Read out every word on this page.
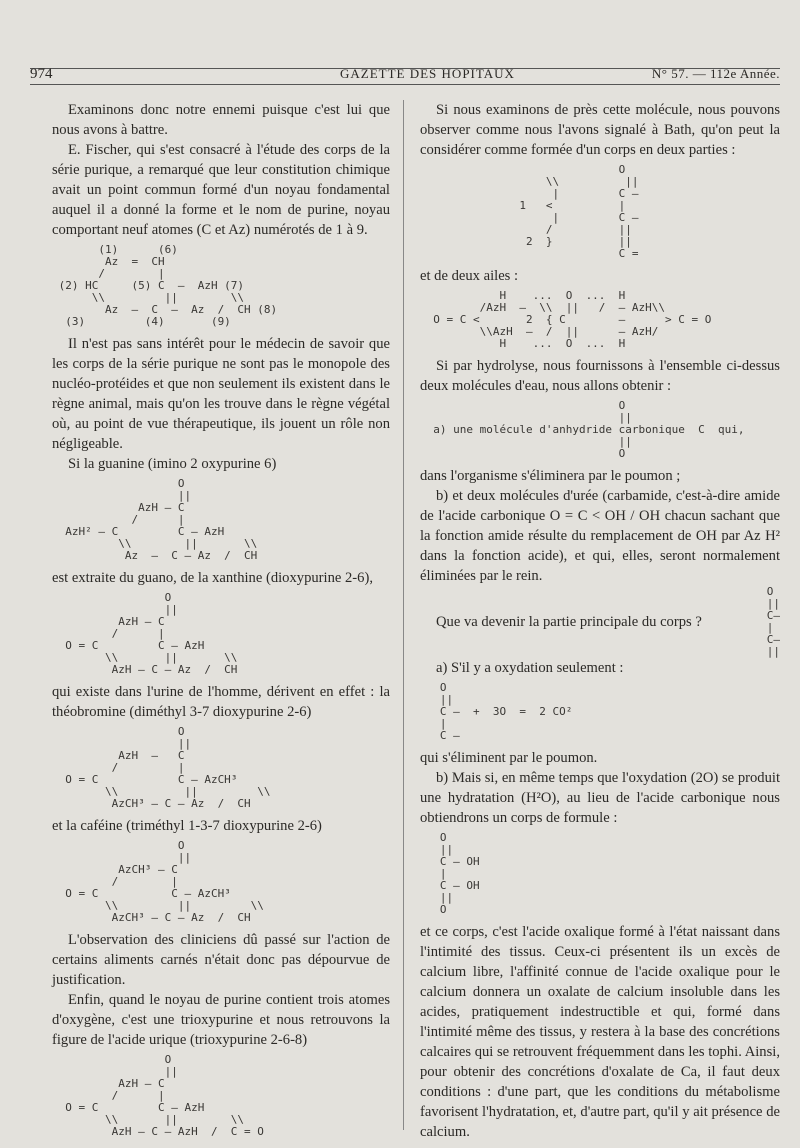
974	GAZETTE DES HOPITAUX	N° 57. — 112e Année.

Examinons donc notre ennemi puisque c'est lui que nous avons à battre.

E. Fischer, qui s'est consacré à l'étude des corps de la série purique, a remarqué que leur constitution chimique avait un point commun formé d'un noyau fondamental auquel il a donné la forme et le nom de purine, noyau comportant neuf atomes (C et Az) numérotés de 1 à 9.

(1)      (6)
Az  =  CH
/        |
(2) HC     (5) C  —  AzH (7)
\\         ||        \\
Az  —  C  —  Az  /  CH (8)
(3)         (4)       (9)

Il n'est pas sans intérêt pour le médecin de savoir que les corps de la série purique ne sont pas le monopole des nucléo-protéides et que non seulement ils existent dans le règne animal, mais qu'on les trouve dans le règne végétal où, au point de vue thérapeutique, ils jouent un rôle non négligeable.

Si la guanine (imino 2 oxypurine 6)

O
||
AzH — C
/      |
AzH² — C         C — AzH
\\        ||       \\
Az  —  C — Az  /  CH

est extraite du guano, de la xanthine (dioxypurine 2-6),

O
||
AzH — C
/      |
O = C         C — AzH
\\       ||       \\
AzH — C — Az  /  CH

qui existe dans l'urine de l'homme, dérivent en effet : la théobromine (diméthyl 3-7 dioxypurine 2-6)

O
||
AzH  —   C
/         |
O = C            C — AzCH³
\\          ||         \\
AzCH³ — C — Az  /  CH

et la caféine (triméthyl 1-3-7 dioxypurine 2-6)

O
||
AzCH³ — C
/        |
O = C           C — AzCH³
\\         ||         \\
AzCH³ — C — Az  /  CH

L'observation des cliniciens dû passé sur l'action de certains aliments carnés n'était donc pas dépourvue de justification.

Enfin, quand le noyau de purine contient trois atomes d'oxygène, c'est une trioxypurine et nous retrouvons la figure de l'acide urique (trioxypurine 2-6-8)

O
||
AzH — C
/      |
O = C         C — AzH
\\       ||        \\
AzH — C — AzH  /  C = O

Si nous examinons de près cette molécule, nous pouvons observer comme nous l'avons signalé à Bath, qu'on peut la considérer comme formée d'un corps en deux parties :

O
\\          ||
|         C —
1   <          |
|         C —
/          ||
2  }          ||
C =

et de deux ailes :

H    ...  O  ...  H
/AzH  —  \\  ||   /  — AzH\\
O = C <       2  { C        —      > C = O
\\AzH  —  /  ||      — AzH/
H    ...  O  ...  H

Si par hydrolyse, nous fournissons à l'ensemble ci-dessus deux molécules d'eau, nous allons obtenir :

O
||
a) une molécule d'anhydride carbonique  C  qui,
||
O

dans l'organisme s'éliminera par le poumon ;

b) et deux molécules d'urée (carbamide, c'est-à-dire amide de l'acide carbonique O = C < OH / OH chacun sachant que la fonction amide résulte du remplacement de OH par Az H² dans la fonction acide), et qui, elles, seront normalement éliminées par le rein.

Que va devenir la partie principale du corps ?

O
||
C—
|
C—
||

a) S'il y a oxydation seulement :

O
||
C —  +  3O  =  2 CO²
|
C —

qui s'éliminent par le poumon.

b) Mais si, en même temps que l'oxydation (2O) se produit une hydratation (H²O), au lieu de l'acide carbonique nous obtiendrons un corps de formule :

O
||
C — OH
|
C — OH
||
O

et ce corps, c'est l'acide oxalique formé à l'état naissant dans l'intimité des tissus. Ceux-ci présentent ils un excès de calcium libre, l'affinité connue de l'acide oxalique pour le calcium donnera un oxalate de calcium insoluble dans les acides, pratiquement indestructible et qui, formé dans l'intimité même des tissus, y restera à la base des concrétions calcaires qui se retrouvent fréquemment dans les tophi. Ainsi, pour obtenir des concrétions d'oxalate de Ca, il faut deux conditions : d'une part, que les conditions du métabolisme favorisent l'hydratation, et, d'autre part, qu'il y ait présence de calcium.
